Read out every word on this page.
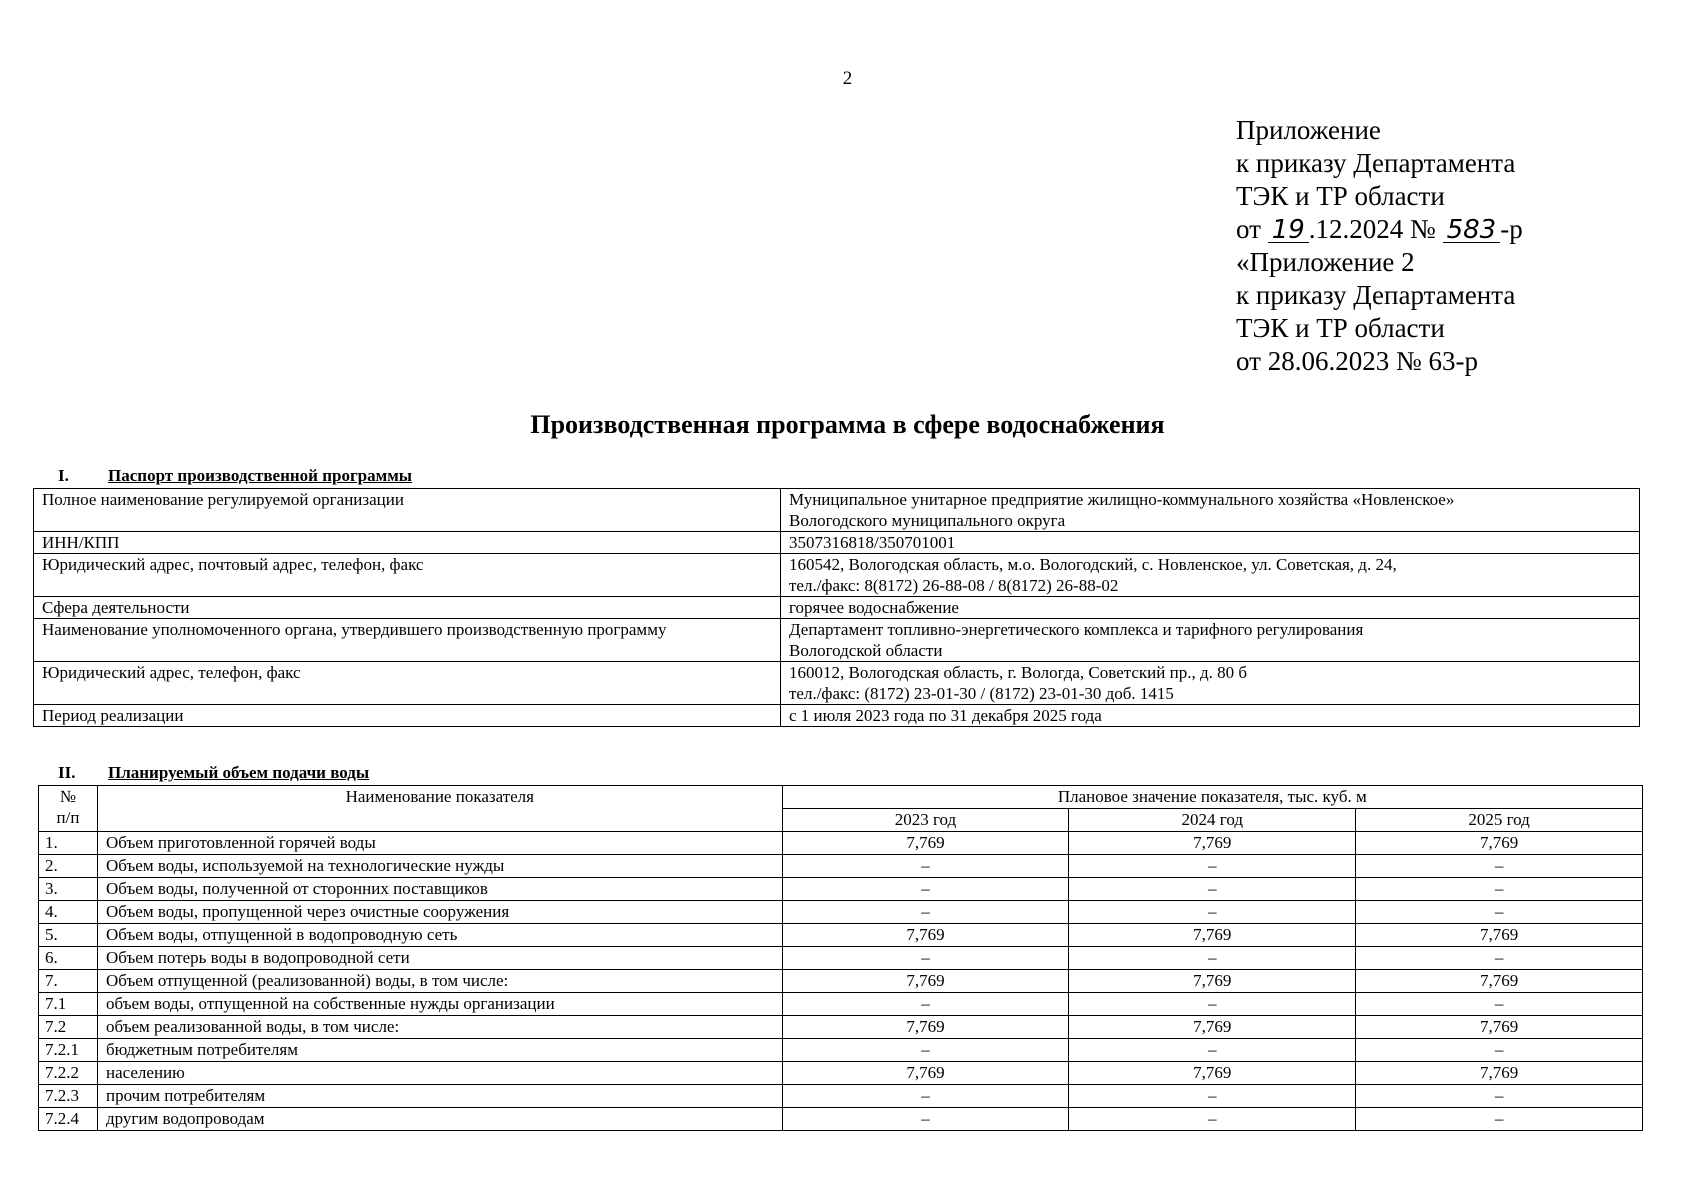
2
Приложение
к приказу Департамента
ТЭК и ТР области
от 19 .12.2024 № 583 -р
«Приложение 2
к приказу Департамента
ТЭК и ТР области
от 28.06.2023 № 63-р
Производственная программа в сфере водоснабжения
I. Паспорт производственной программы
Полное наименование регулируемой организации	Муниципальное унитарное предприятие жилищно-коммунального хозяйства «Новленское»
Вологодского муниципального округа

ИНН/КПП	3507316818/350701001

Юридический адрес, почтовый адрес, телефон, факс	160542, Вологодская область, м.о. Вологодский, с. Новленское, ул. Советская, д. 24,
тел./факс: 8(8172) 26-88-08 / 8(8172) 26-88-02

Сфера деятельности	горячее водоснабжение

Наименование уполномоченного органа, утвердившего производственную программу	Департамент топливно-энергетического комплекса и тарифного регулирования
Вологодской области

Юридический адрес, телефон, факс	160012, Вологодская область, г. Вологда, Советский пр., д. 80 б
тел./факс: (8172) 23-01-30 / (8172) 23-01-30 доб. 1415

Период реализации	с 1 июля 2023 года по 31 декабря 2025 года
II. Планируемый объем подачи воды
№
п/п	Наименование показателя	Плановое значение показателя, тыс. куб. м		
		2023 год	2024 год	2025 год
1.	Объем приготовленной горячей воды	7,769	7,769	7,769
2.	Объем воды, используемой на технологические нужды	–	–	–
3.	Объем воды, полученной от сторонних поставщиков	–	–	–
4.	Объем воды, пропущенной через очистные сооружения	–	–	–
5.	Объем воды, отпущенной в водопроводную сеть	7,769	7,769	7,769
6.	Объем потерь воды в водопроводной сети	–	–	–
7.	Объем отпущенной (реализованной) воды, в том числе:	7,769	7,769	7,769
7.1	объем воды, отпущенной на собственные нужды организации	–	–	–
7.2	объем реализованной воды, в том числе:	7,769	7,769	7,769
7.2.1	бюджетным потребителям	–	–	–
7.2.2	населению	7,769	7,769	7,769
7.2.3	прочим потребителям	–	–	–
7.2.4	другим водопроводам	–	–	–
